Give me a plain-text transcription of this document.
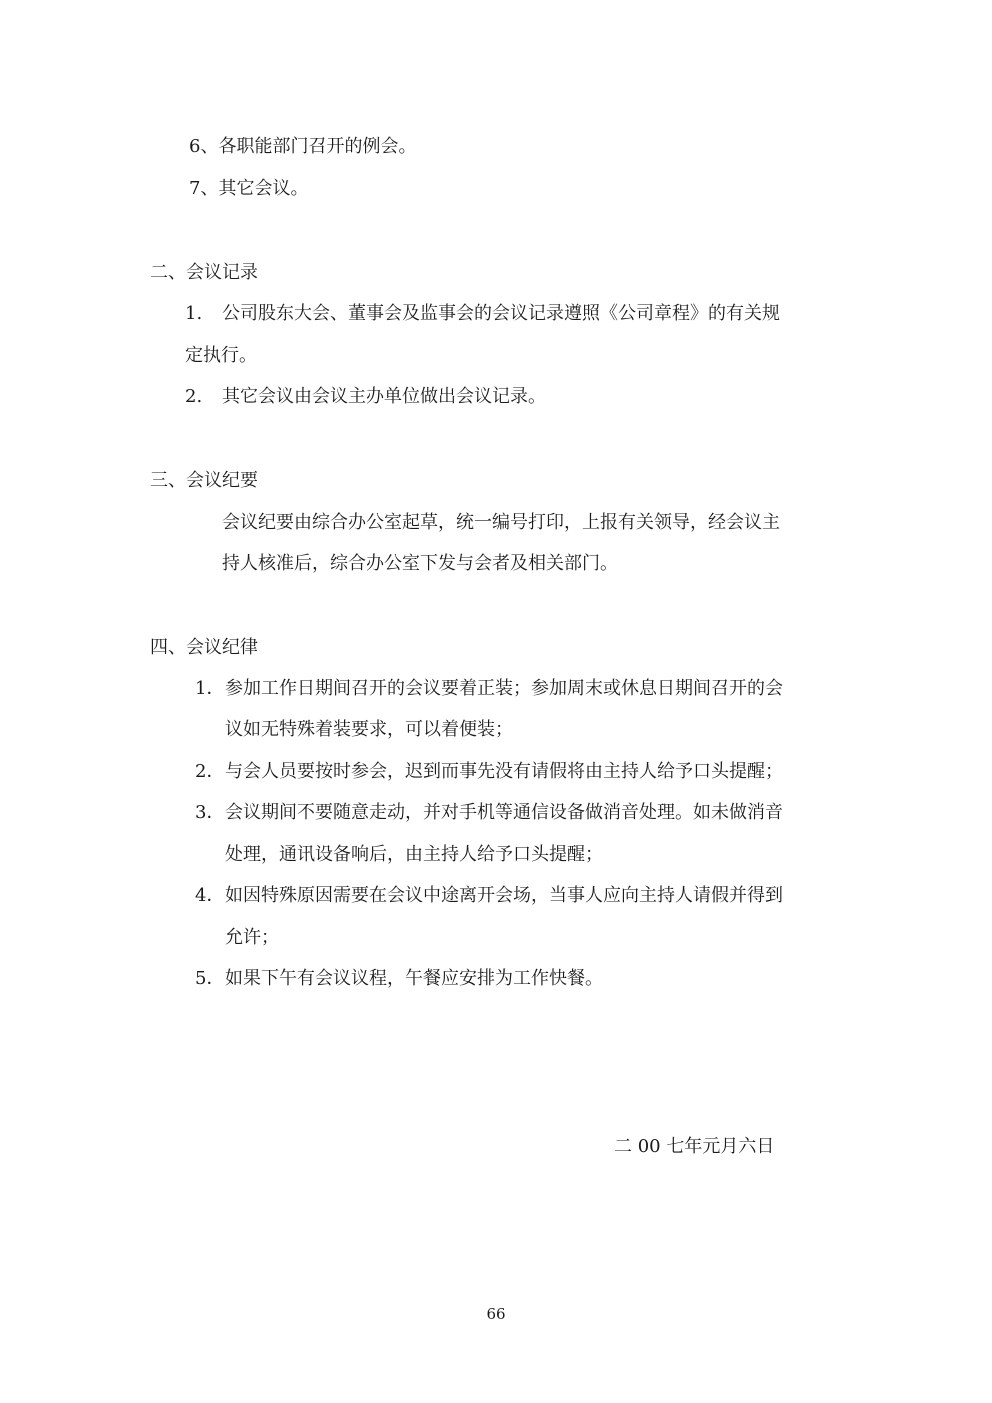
6、各职能部门召开的例会。
7、其它会议。
二、会议记录
1. 公司股东大会、董事会及监事会的会议记录遵照《公司章程》的有关规
定执行。
2. 其它会议由会议主办单位做出会议记录。
三、会议纪要
会议纪要由综合办公室起草，统一编号打印，上报有关领导，经会议主
持人核准后，综合办公室下发与会者及相关部门。
四、会议纪律
1． 参加工作日期间召开的会议要着正装；参加周末或休息日期间召开的会
议如无特殊着装要求，可以着便装；
2． 与会人员要按时参会，迟到而事先没有请假将由主持人给予口头提醒；
3． 会议期间不要随意走动，并对手机等通信设备做消音处理。如未做消音
处理，通讯设备响后，由主持人给予口头提醒；
4． 如因特殊原因需要在会议中途离开会场，当事人应向主持人请假并得到
允许；
5． 如果下午有会议议程，午餐应安排为工作快餐。
二 00 七年元月六日
66
